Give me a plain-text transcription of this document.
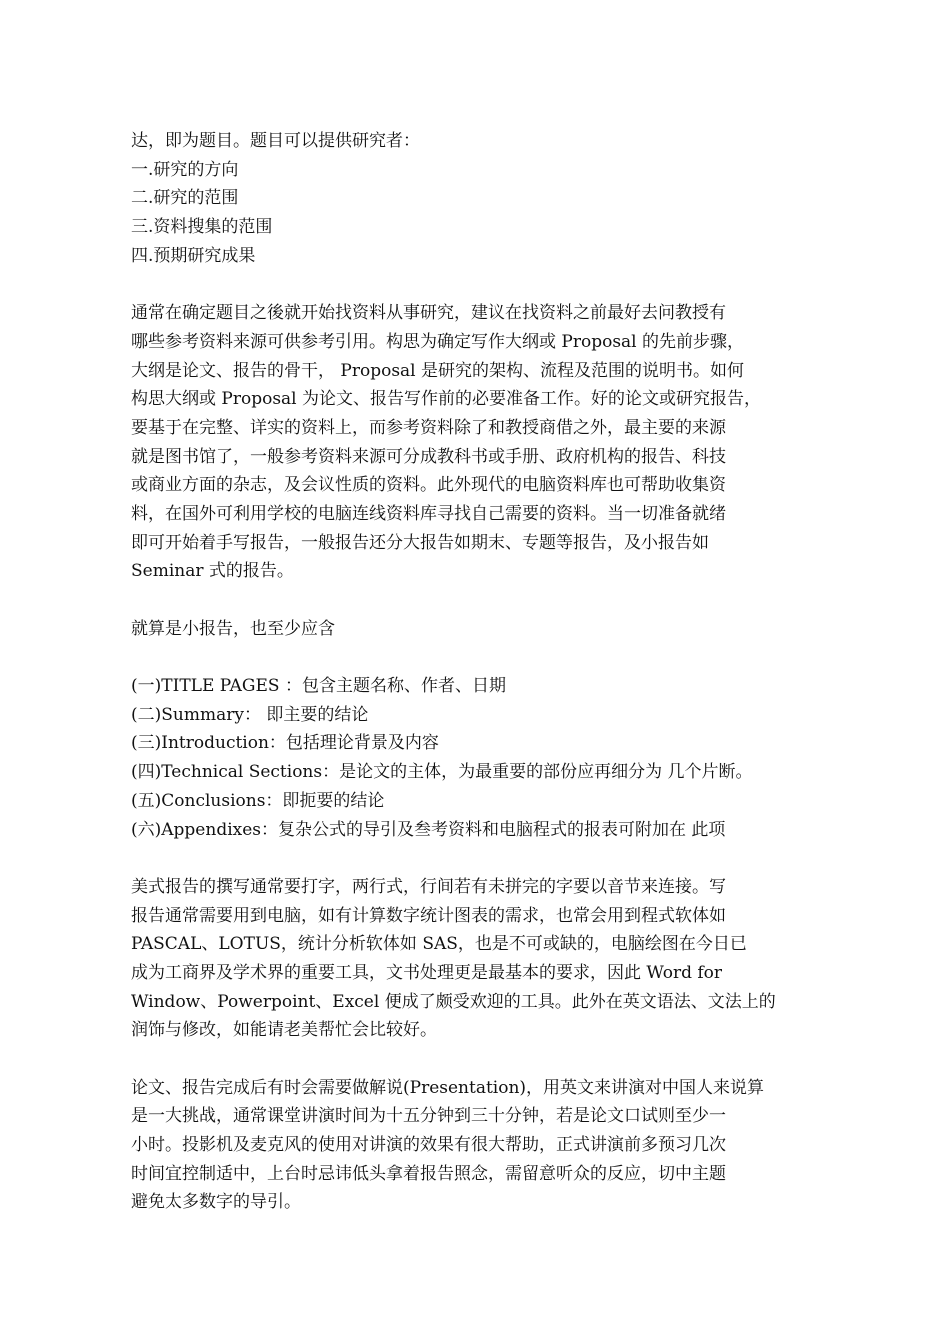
达，即为题目。题目可以提供研究者：
一.研究的方向
二.研究的范围
三.资料搜集的范围
四.预期研究成果
通常在确定题目之後就开始找资料从事研究，建议在找资料之前最好去问教授有
哪些参考资料来源可供参考引用。构思为确定写作大纲或 Proposal 的先前步骤，
大纲是论文、报告的骨干， Proposal 是研究的架构、流程及范围的说明书。如何
构思大纲或 Proposal 为论文、报告写作前的必要准备工作。好的论文或研究报告，
要基于在完整、详实的资料上，而参考资料除了和教授商借之外，最主要的来源
就是图书馆了，一般参考资料来源可分成教科书或手册、政府机构的报告、科技
或商业方面的杂志，及会议性质的资料。此外现代的电脑资料库也可帮助收集资
料，在国外可利用学校的电脑连线资料库寻找自己需要的资料。当一切准备就绪
即可开始着手写报告，一般报告还分大报告如期末、专题等报告，及小报告如
Seminar 式的报告。
就算是小报告，也至少应含
(一)TITLE PAGES ：包含主题名称、作者、日期
(二)Summary： 即主要的结论
(三)Introduction：包括理论背景及内容
(四)Technical Sections：是论文的主体，为最重要的部份应再细分为 几个片断。
(五)Conclusions：即扼要的结论
(六)Appendixes：复杂公式的导引及叁考资料和电脑程式的报表可附加在 此项
美式报告的撰写通常要打字，两行式，行间若有未拼完的字要以音节来连接。写
报告通常需要用到电脑，如有计算数字统计图表的需求，也常会用到程式软体如
PASCAL、LOTUS，统计分析软体如 SAS，也是不可或缺的，电脑绘图在今日已
成为工商界及学术界的重要工具，文书处理更是最基本的要求，因此 Word for
Window、Powerpoint、Excel 便成了颇受欢迎的工具。此外在英文语法、文法上的
润饰与修改，如能请老美帮忙会比较好。
论文、报告完成后有时会需要做解说(Presentation)，用英文来讲演对中国人来说算
是一大挑战，通常课堂讲演时间为十五分钟到三十分钟，若是论文口试则至少一
小时。投影机及麦克风的使用对讲演的效果有很大帮助，正式讲演前多预习几次
时间宜控制适中，上台时忌讳低头拿着报告照念，需留意听众的反应，切中主题
避免太多数字的导引。
